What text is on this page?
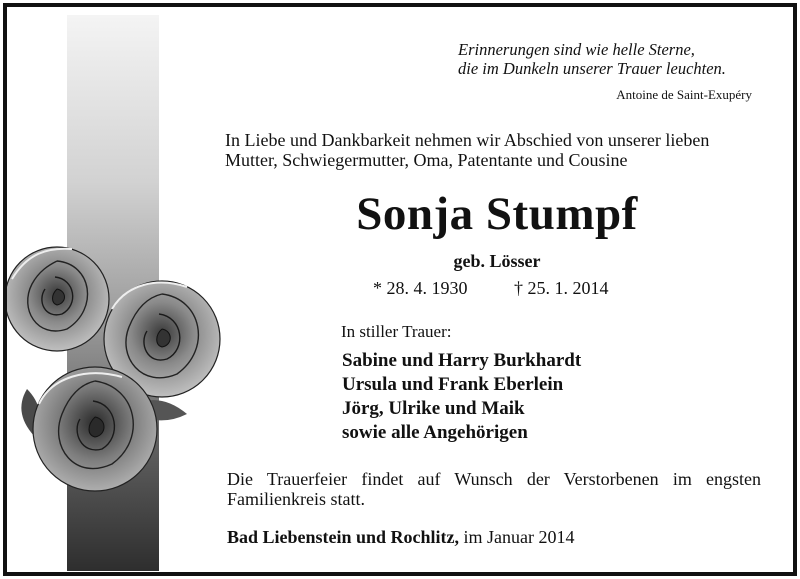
Erinnerungen sind wie helle Sterne,
die im Dunkeln unserer Trauer leuchten.
Antoine de Saint-Exupéry
In Liebe und Dankbarkeit nehmen wir Abschied von unserer lieben
Mutter, Schwiegermutter, Oma, Patentante und Cousine
Sonja Stumpf
geb. Lösser
* 28. 4. 1930	† 25. 1. 2014
In stiller Trauer:
Sabine und Harry Burkhardt
Ursula und Frank Eberlein
Jörg, Ulrike und Maik
sowie alle Angehörigen
Die Trauerfeier findet auf Wunsch der Verstorbenen im engsten Familienkreis statt.
Bad Liebenstein und Rochlitz, im Januar 2014
